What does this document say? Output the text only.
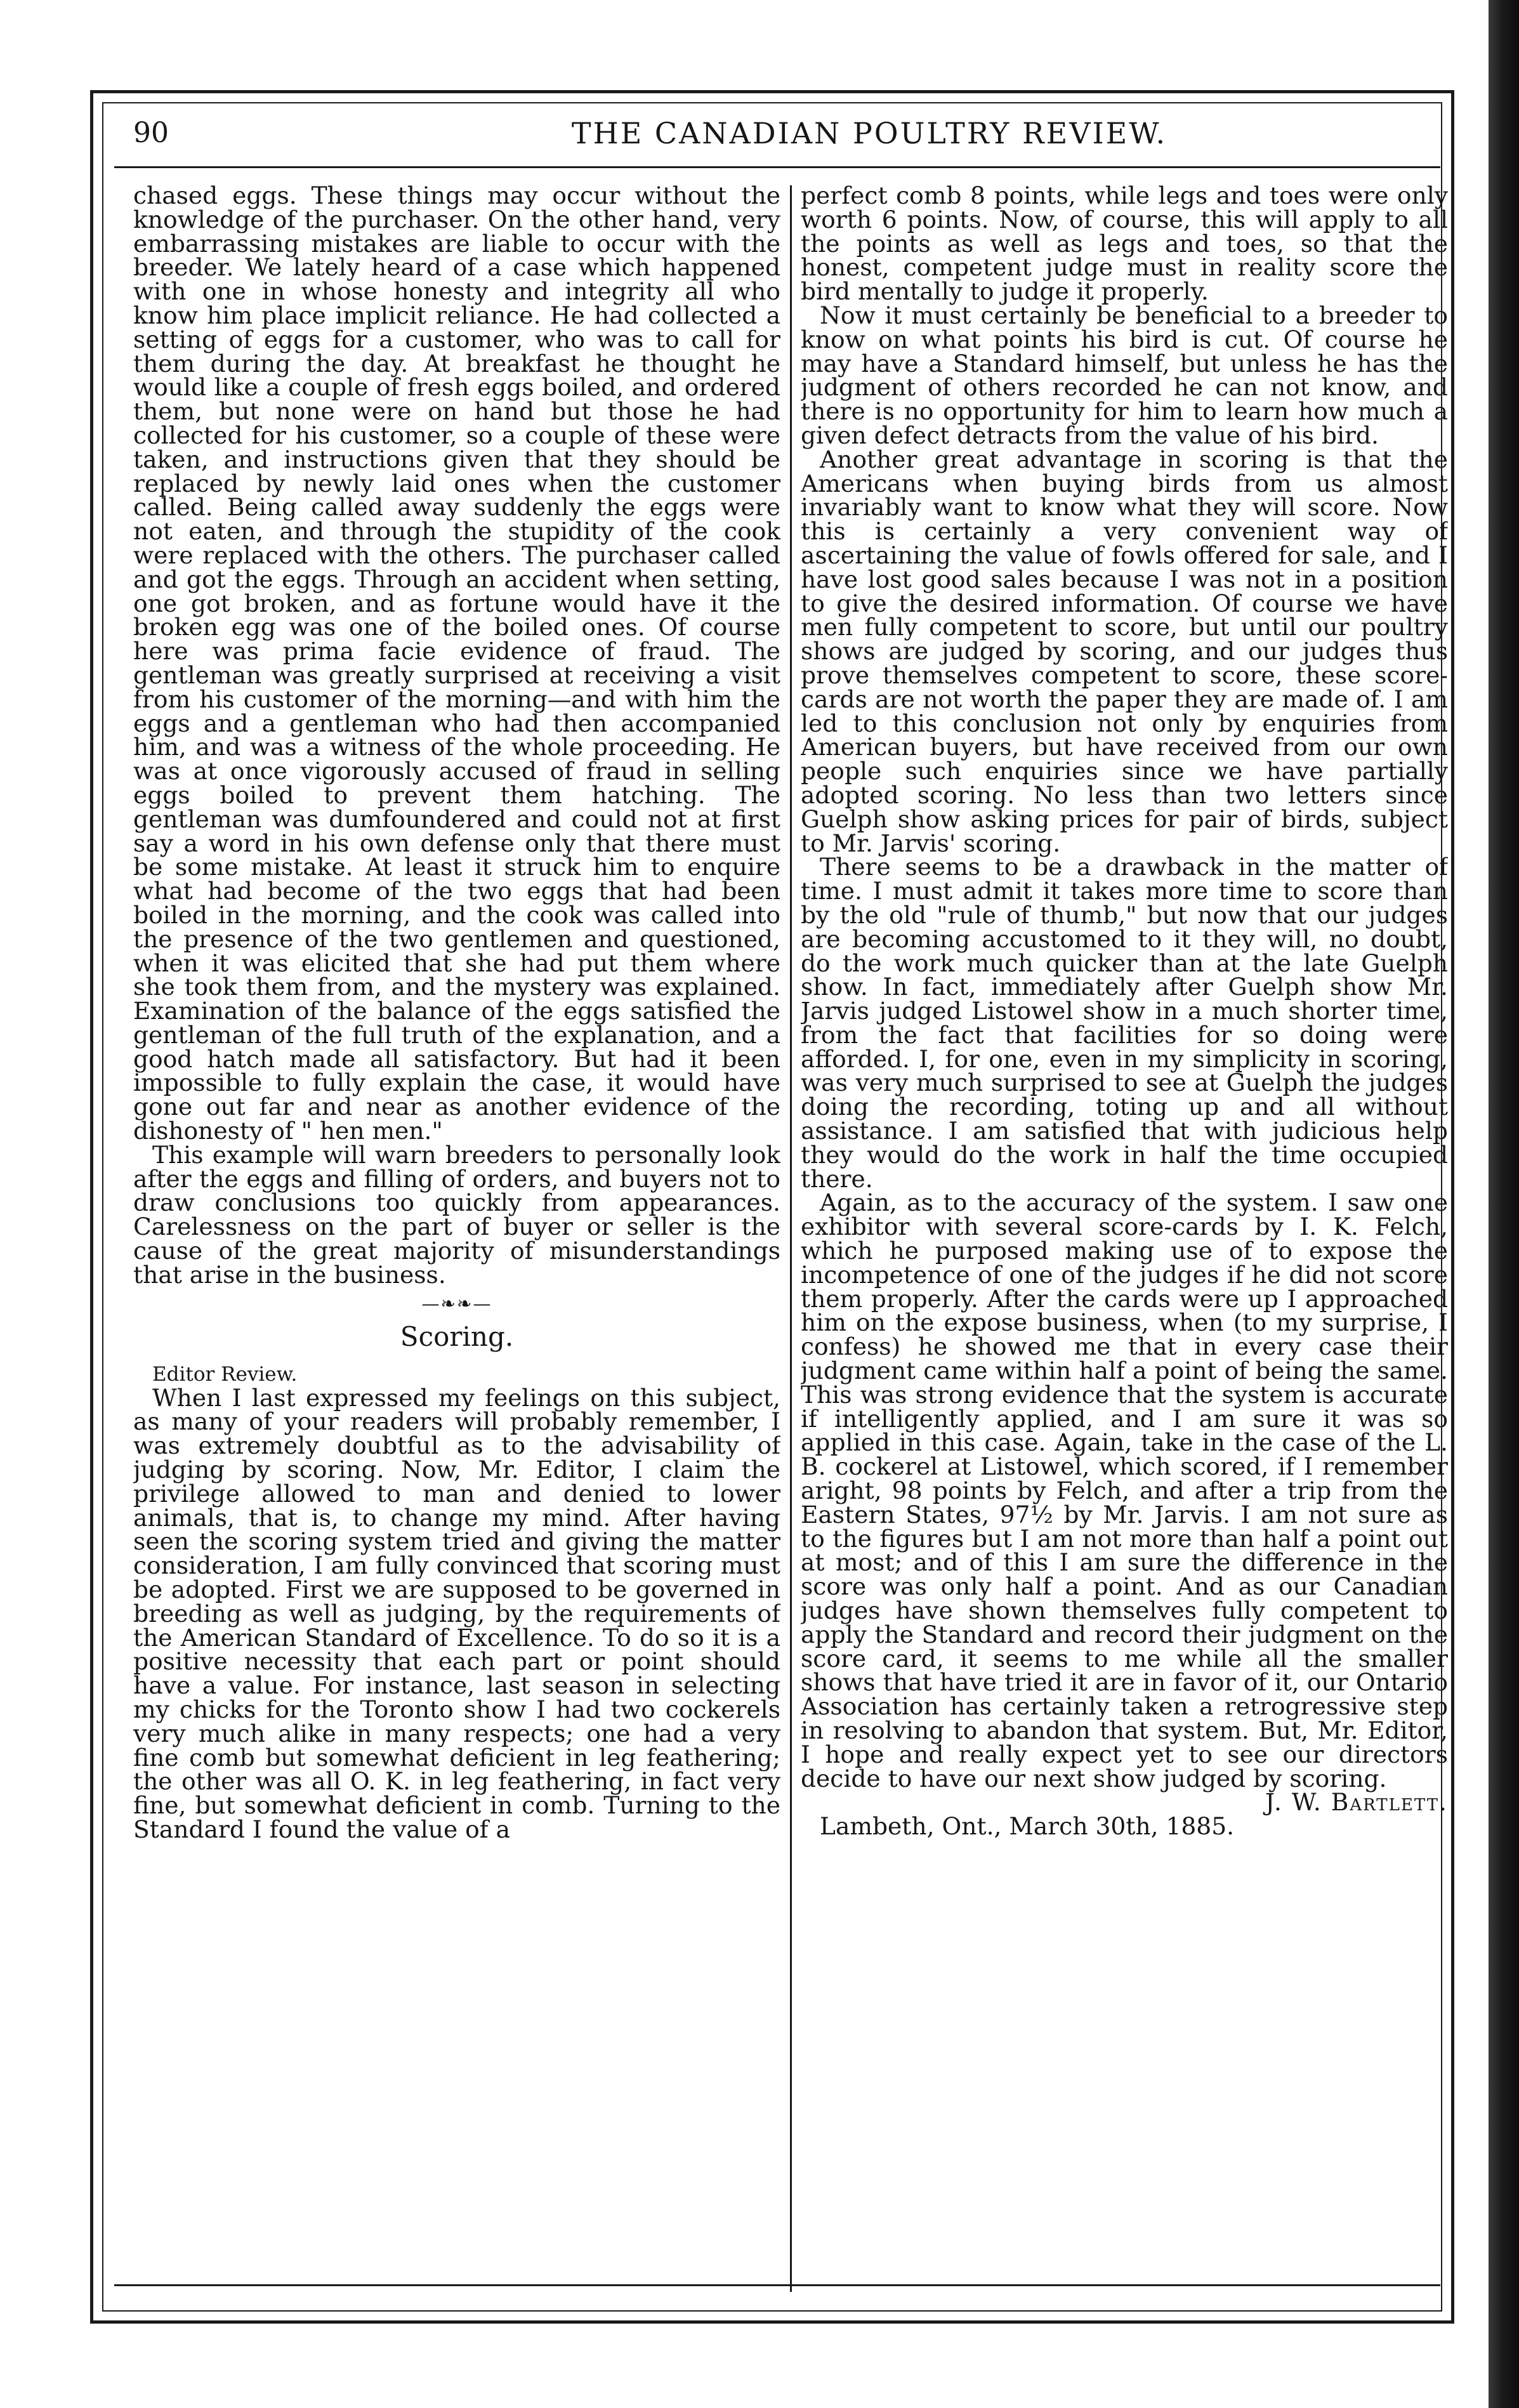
90	THE CANADIAN POULTRY REVIEW.

chased eggs. These things may occur without the knowledge of the purchaser. On the other hand, very embarrassing mistakes are liable to occur with the breeder. We lately heard of a case which happened with one in whose honesty and integrity all who know him place implicit reliance. He had collected a setting of eggs for a customer, who was to call for them during the day. At breakfast he thought he would like a couple of fresh eggs boiled, and ordered them, but none were on hand but those he had collected for his customer, so a couple of these were taken, and instructions given that they should be replaced by newly laid ones when the customer called. Being called away suddenly the eggs were not eaten, and through the stupidity of the cook were replaced with the others. The purchaser called and got the eggs. Through an accident when setting, one got broken, and as fortune would have it the broken egg was one of the boiled ones. Of course here was prima facie evidence of fraud. The gentleman was greatly surprised at receiving a visit from his customer of the morning—and with him the eggs and a gentleman who had then accompanied him, and was a witness of the whole proceeding. He was at once vigorously accused of fraud in selling eggs boiled to prevent them hatching. The gentleman was dumfoundered and could not at first say a word in his own defense only that there must be some mistake. At least it struck him to enquire what had become of the two eggs that had been boiled in the morning, and the cook was called into the presence of the two gentlemen and questioned, when it was elicited that she had put them where she took them from, and the mystery was explained. Examination of the balance of the eggs satisfied the gentleman of the full truth of the explanation, and a good hatch made all satisfactory. But had it been impossible to fully explain the case, it would have gone out far and near as another evidence of the dishonesty of " hen men."

This example will warn breeders to personally look after the eggs and filling of orders, and buyers not to draw conclusions too quickly from appearances. Carelessness on the part of buyer or seller is the cause of the great majority of misunderstandings that arise in the business.

—❧❧—
Scoring.

Editor Review.

When I last expressed my feelings on this subject, as many of your readers will probably remember, I was extremely doubtful as to the advisability of judging by scoring. Now, Mr. Editor, I claim the privilege allowed to man and denied to lower animals, that is, to change my mind. After having seen the scoring system tried and giving the matter consideration, I am fully convinced that scoring must be adopted. First we are supposed to be governed in breeding as well as judging, by the requirements of the American Standard of Excellence. To do so it is a positive necessity that each part or point should have a value. For instance, last season in selecting my chicks for the Toronto show I had two cockerels very much alike in many respects; one had a very fine comb but somewhat deficient in leg feathering; the other was all O. K. in leg feathering, in fact very fine, but somewhat deficient in comb. Turning to the Standard I found the value of a

perfect comb 8 points, while legs and toes were only worth 6 points. Now, of course, this will apply to all the points as well as legs and toes, so that the honest, competent judge must in reality score the bird mentally to judge it properly.

Now it must certainly be beneficial to a breeder to know on what points his bird is cut. Of course he may have a Standard himself, but unless he has the judgment of others recorded he can not know, and there is no opportunity for him to learn how much a given defect detracts from the value of his bird.

Another great advantage in scoring is that the Americans when buying birds from us almost invariably want to know what they will score. Now this is certainly a very convenient way of ascertaining the value of fowls offered for sale, and I have lost good sales because I was not in a position to give the desired information. Of course we have men fully competent to score, but until our poultry shows are judged by scoring, and our judges thus prove themselves competent to score, these score-cards are not worth the paper they are made of. I am led to this conclusion not only by enquiries from American buyers, but have received from our own people such enquiries since we have partially adopted scoring. No less than two letters since Guelph show asking prices for pair of birds, subject to Mr. Jarvis' scoring.

There seems to be a drawback in the matter of time. I must admit it takes more time to score than by the old "rule of thumb," but now that our judges are becoming accustomed to it they will, no doubt, do the work much quicker than at the late Guelph show. In fact, immediately after Guelph show Mr. Jarvis judged Listowel show in a much shorter time, from the fact that facilities for so doing were afforded. I, for one, even in my simplicity in scoring, was very much surprised to see at Guelph the judges doing the recording, toting up and all without assistance. I am satisfied that with judicious help they would do the work in half the time occupied there.

Again, as to the accuracy of the system. I saw one exhibitor with several score-cards by I. K. Felch, which he purposed making use of to expose the incompetence of one of the judges if he did not score them properly. After the cards were up I approached him on the expose business, when (to my surprise, I confess) he showed me that in every case their judgment came within half a point of being the same. This was strong evidence that the system is accurate if intelligently applied, and I am sure it was so applied in this case. Again, take in the case of the L. B. cockerel at Listowel, which scored, if I remember aright, 98 points by Felch, and after a trip from the Eastern States, 97½ by Mr. Jarvis. I am not sure as to the figures but I am not more than half a point out at most; and of this I am sure the difference in the score was only half a point. And as our Canadian judges have shown themselves fully competent to apply the Standard and record their judgment on the score card, it seems to me while all the smaller shows that have tried it are in favor of it, our Ontario Association has certainly taken a retrogressive step in resolving to abandon that system. But, Mr. Editor, I hope and really expect yet to see our directors decide to have our next show judged by scoring.

J. W. Bartlett.

Lambeth, Ont., March 30th, 1885.
